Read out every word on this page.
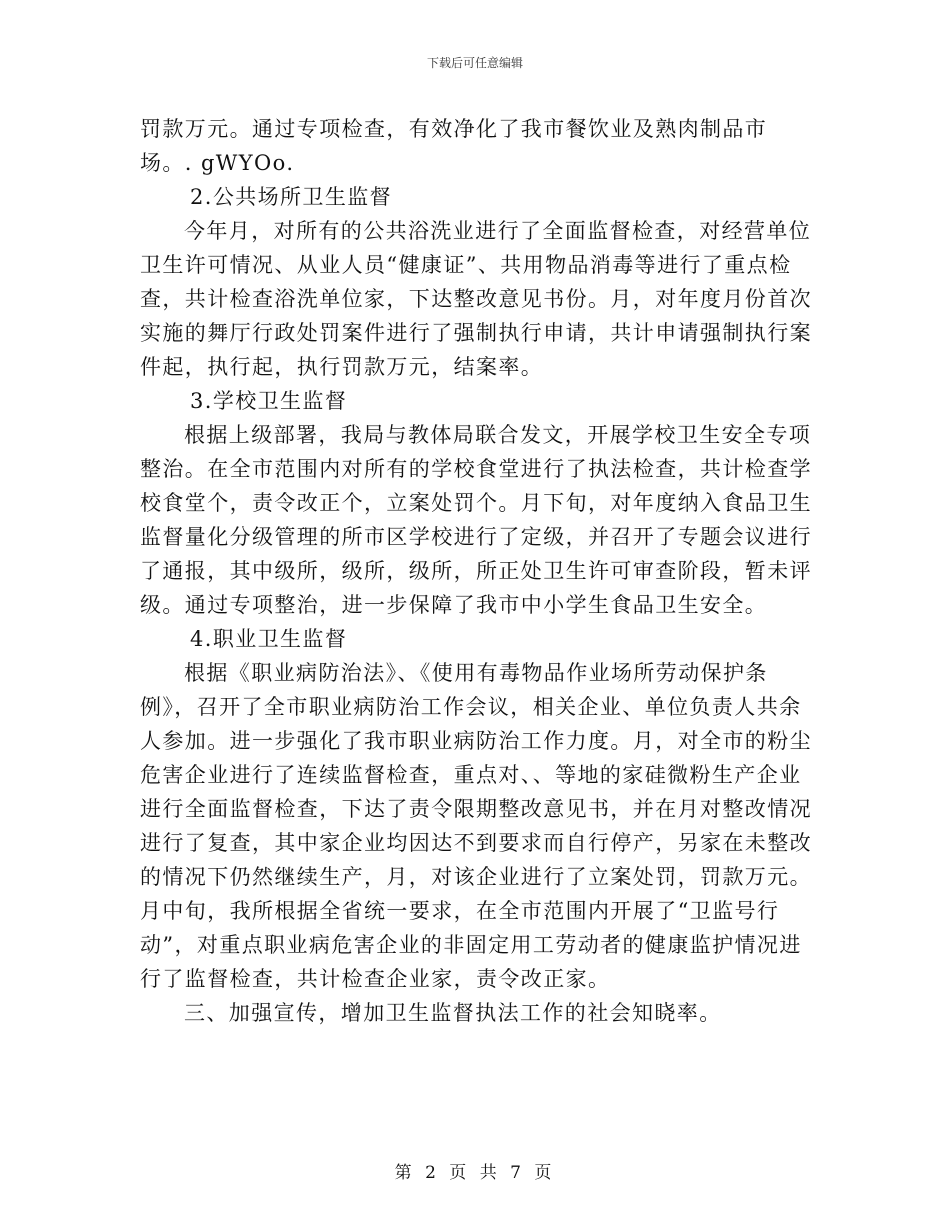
下载后可任意编辑
罚款万元。通过专项检查，有效净化了我市餐饮业及熟肉制品市
场。. gWYOo.
2.公共场所卫生监督
今年月，对所有的公共浴洗业进行了全面监督检查，对经营单位
卫生许可情况、从业人员“健康证”、共用物品消毒等进行了重点检
查，共计检查浴洗单位家，下达整改意见书份。月，对年度月份首次
实施的舞厅行政处罚案件进行了强制执行申请，共计申请强制执行案
件起，执行起，执行罚款万元，结案率。
3.学校卫生监督
根据上级部署，我局与教体局联合发文，开展学校卫生安全专项
整治。在全市范围内对所有的学校食堂进行了执法检查，共计检查学
校食堂个，责令改正个，立案处罚个。月下旬，对年度纳入食品卫生
监督量化分级管理的所市区学校进行了定级，并召开了专题会议进行
了通报，其中级所，级所，级所，所正处卫生许可审查阶段，暂未评
级。通过专项整治，进一步保障了我市中小学生食品卫生安全。
4.职业卫生监督
根据《职业病防治法》、《使用有毒物品作业场所劳动保护条
例》，召开了全市职业病防治工作会议，相关企业、单位负责人共余
人参加。进一步强化了我市职业病防治工作力度。月，对全市的粉尘
危害企业进行了连续监督检查，重点对、、等地的家硅微粉生产企业
进行全面监督检查，下达了责令限期整改意见书，并在月对整改情况
进行了复查，其中家企业均因达不到要求而自行停产，另家在未整改
的情况下仍然继续生产，月，对该企业进行了立案处罚，罚款万元。
月中旬，我所根据全省统一要求，在全市范围内开展了“卫监号行
动”，对重点职业病危害企业的非固定用工劳动者的健康监护情况进
行了监督检查，共计检查企业家，责令改正家。
三、加强宣传，增加卫生监督执法工作的社会知晓率。
第 2 页 共 7 页
